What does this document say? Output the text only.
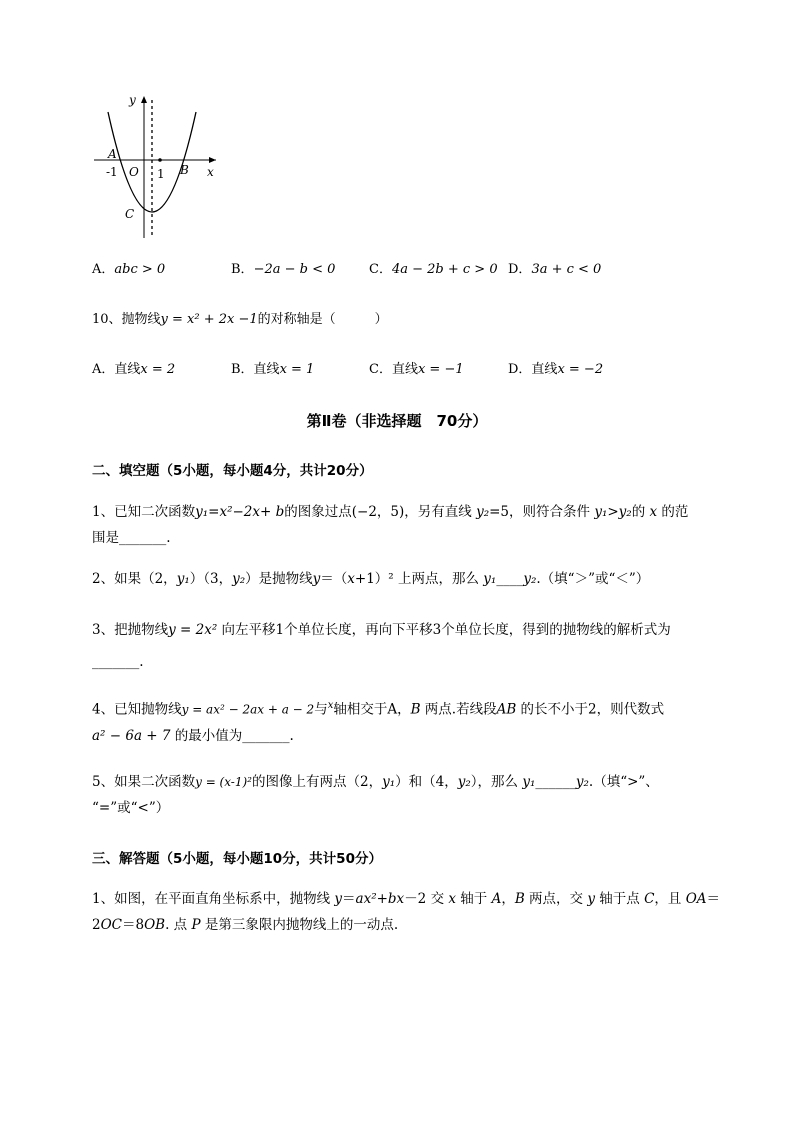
y
x
A
B
C
O
-1	1
A．abc > 0	B．−2a − b < 0	C．4a − 2b + c > 0 D．3a + c < 0
10、抛物线y = x² + 2x −1的对称轴是（　　　）
A．直线x = 2	B．直线x = 1	C．直线x = −1	D．直线x = −2
第Ⅱ卷（非选择题　70分）
二、填空题（5小题，每小题4分，共计20分）
1、已知二次函数y₁=x²−2x+ b的图象过点(−2，5)，另有直线 y₂=5，则符合条件 y₁>y₂的 x 的范
围是_______.
2、如果（2，y₁）（3，y₂）是抛物线y＝（x+1）² 上两点，那么 y₁____y₂.（填“＞”或“＜”）
3、把抛物线y = 2x² 向左平移1个单位长度，再向下平移3个单位长度，得到的抛物线的解析式为
_______.
4、已知抛物线y = ax² − 2ax + a − 2与$^x$轴相交于A，B 两点.若线段AB 的长不小于2，则代数式
a² − 6a + 7 的最小值为_______.
5、如果二次函数y = (x-1)²的图像上有两点（2，y₁）和（4，y₂），那么 y₁______y₂.（填“>”、
“=”或“<”）
三、解答题（5小题，每小题10分，共计50分）
1、如图，在平面直角坐标系中，抛物线 y＝ax²+bx－2 交 x 轴于 A，B 两点，交 y 轴于点 C，且 OA＝
2OC＝8OB. 点 P 是第三象限内抛物线上的一动点.
